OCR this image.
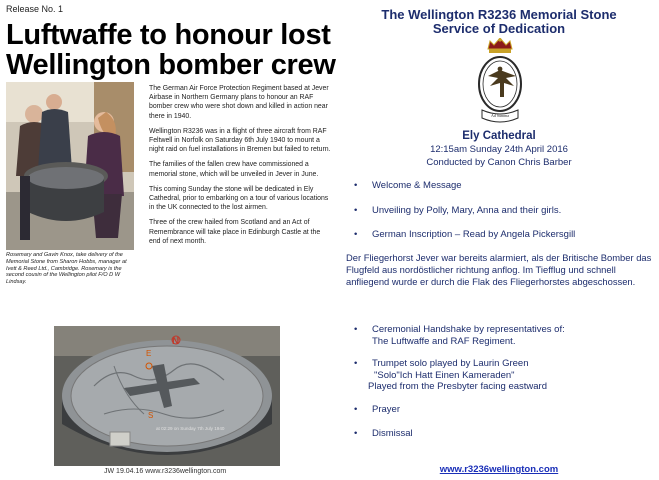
Release No. 1
Luftwaffe to honour lost
Wellington bomber crew
Rosemary and Gavin Knox, take delivery of the Memorial Stone from Sharon Hobbs, manager at Ivett & Reed Ltd., Cambridge. Rosemary is the second cousin of the Wellington pilot F/O D W Lindsay.

The German Air Force Protection Regiment based at Jever Airbase in Northern Germany plans to honour an RAF bomber crew who were shot down and killed in action near there in 1940.

Wellington R3236 was in a flight of three aircraft from RAF Feltwell in Norfolk on Saturday 6th July 1940 to mount a night raid on fuel installations in Bremen but failed to return.

The families of the fallen crew have commissioned a memorial stone, which will be unveiled in Jever in June.

This coming Sunday the stone will be dedicated in Ely Cathedral, prior to embarking on a tour of various locations in the UK connected to the lost airmen.

Three of the crew hailed from Scotland and an Act of Remembrance will take place in Edinburgh Castle at the end of next month.

N
E
S
at 02:29 on Sunday 7th July 1940
JW 19.04.16 www.r3236wellington.com
The Wellington R3236 Memorial Stone
Service of Dedication
Ad Summa
Ely Cathedral
12:15am Sunday 24th April 2016
Conducted by Canon Chris Barber
•	Welcome & Message
•	Unveiling by Polly, Mary, Anna and their girls.
•	German Inscription – Read by Angela Pickersgill
Der Fliegerhorst Jever war bereits alarmiert, als der Britische Bomber das Flugfeld aus nordöstlicher richtung anflog. Im Tiefflug und schnell anfliegend wurde er durch die Flak des Fliegerhorstes abgeschossen.
•	Ceremonial Handshake by representatives of:
The Luftwaffe and RAF Regiment.
•	Trumpet solo played by Laurin Green
"Solo"Ich Hatt Einen Kameraden"
Played from the Presbyter facing eastward
•	Prayer
•	Dismissal
www.r3236wellington.com
